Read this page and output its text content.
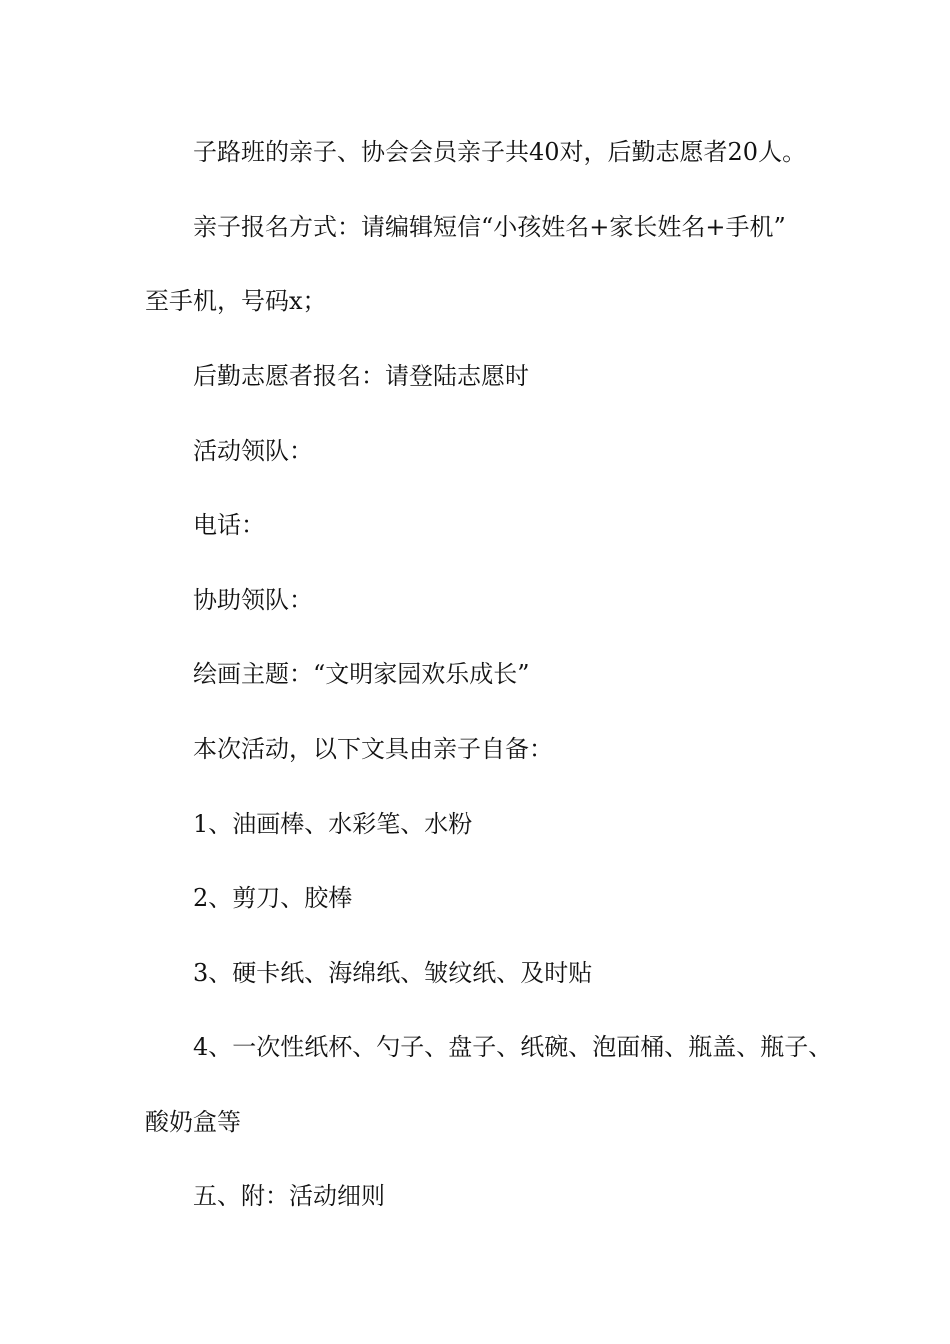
子路班的亲子、协会会员亲子共40对，后勤志愿者20人。
亲子报名方式：请编辑短信“小孩姓名+家长姓名+手机”
至手机，号码x；
后勤志愿者报名：请登陆志愿时
活动领队：
电话：
协助领队：
绘画主题：“文明家园欢乐成长”
本次活动，以下文具由亲子自备：
1、油画棒、水彩笔、水粉
2、剪刀、胶棒
3、硬卡纸、海绵纸、皱纹纸、及时贴
4、一次性纸杯、勺子、盘子、纸碗、泡面桶、瓶盖、瓶子、
酸奶盒等
五、附：活动细则
